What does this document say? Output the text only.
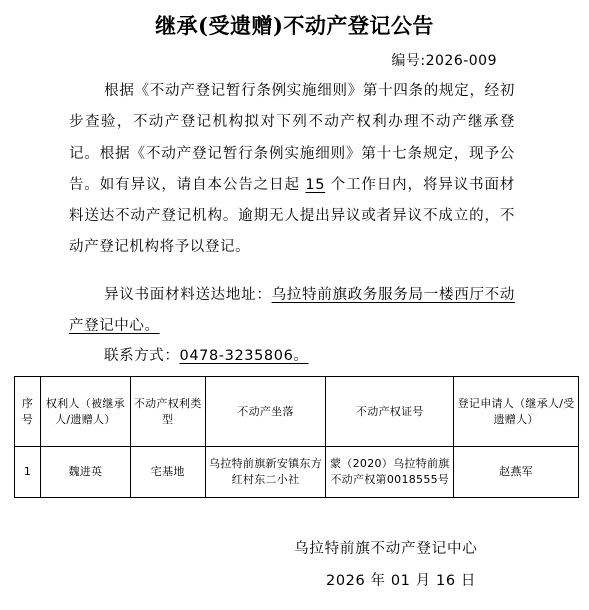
继承(受遗赠)不动产登记公告
编号:2026-009
根据《不动产登记暂行条例实施细则》第十四条的规定，经初步查验，不动产登记机构拟对下列不动产权利办理不动产继承登记。根据《不动产登记暂行条例实施细则》第十七条规定，现予公告。如有异议，请自本公告之日起 15 个工作日内，将异议书面材料送达不动产登记机构。逾期无人提出异议或者异议不成立的，不动产登记机构将予以登记。
异议书面材料送达地址：乌拉特前旗政务服务局一楼西厅不动产登记中心。
联系方式：0478-3235806。
序号	权利人（被继承人/遗赠人）	不动产权利类型	不动产坐落	不动产权证号	登记申请人（继承人/受遗赠人）
1	魏进英	宅基地	乌拉特前旗新安镇东方红村东二小社	蒙（2020）乌拉特前旗不动产权第0018555号	赵燕军
乌拉特前旗不动产登记中心
2026 年 01 月 16 日
